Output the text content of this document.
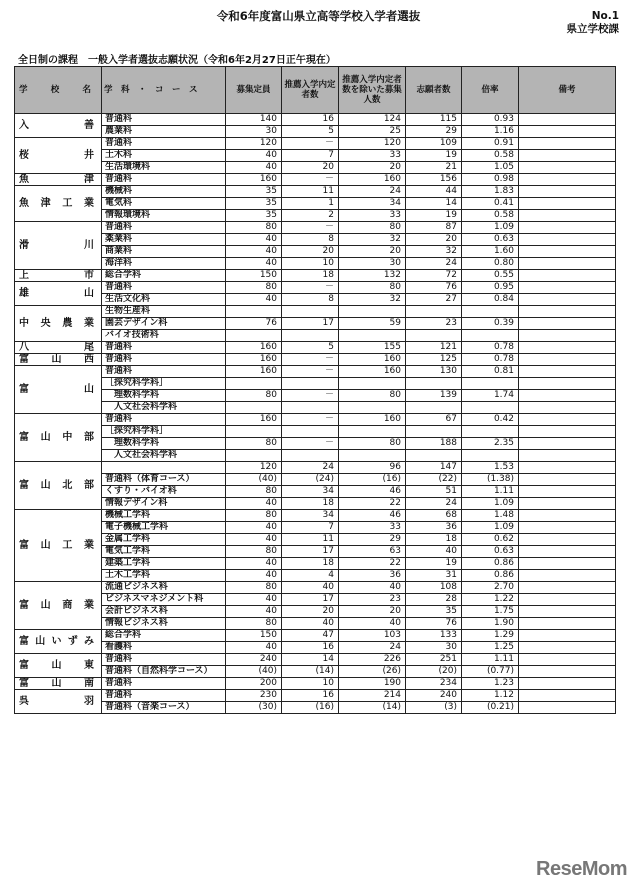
令和6年度富山県立高等学校入学者選抜	No.1
県立学校課
全日制の課程　一般入学者選抜志願状況（令和6年2月27日正午現在）
学　　校　　名	学　科　・　コ　ー　ス	募集定員	推薦入学内定者数	推薦入学内定者数を除いた募集人数	志願者数	倍率	備考
入善	普通科	140	16	124	115	0.93	
	農業科	30	5	25	29	1.16	
桜井	普通科	120	－	120	109	0.91	
	土木科	40	7	33	19	0.58	
	生活環境科	40	20	20	21	1.05	
魚津	普通科	160	－	160	156	0.98	
魚津工業	機械科	35	11	24	44	1.83	
	電気科	35	1	34	14	0.41	
	情報環境科	35	2	33	19	0.58	
滑川	普通科	80	－	80	87	1.09	
	薬業科	40	8	32	20	0.63	
	商業科	40	20	20	32	1.60	
	海洋科	40	10	30	24	0.80	
上市	総合学科	150	18	132	72	0.55	
雄山	普通科	80	－	80	76	0.95	
	生活文化科	40	8	32	27	0.84	
中央農業	生物生産科						
	園芸デザイン科	76	17	59	23	0.39	
	バイオ技術科						
八尾	普通科	160	5	155	121	0.78	
富山西	普通科	160	－	160	125	0.78	
富山	普通科	160	－	160	130	0.81	
	［探究科学科］						
	　理数科学科	80	－	80	139	1.74	
	　人文社会科学科						
富山中部	普通科	160	－	160	67	0.42	
	［探究科学科］						
	　理数科学科	80	－	80	188	2.35	
	　人文社会科学科						
富山北部		120	24	96	147	1.53	
	普通科（体育コース）	(40)	(24)	(16)	(22)	(1.38)	
	くすり・バイオ科	80	34	46	51	1.11	
	情報デザイン科	40	18	22	24	1.09	
富山工業	機械工学科	80	34	46	68	1.48	
	電子機械工学科	40	7	33	36	1.09	
	金属工学科	40	11	29	18	0.62	
	電気工学科	80	17	63	40	0.63	
	建築工学科	40	18	22	19	0.86	
	土木工学科	40	4	36	31	0.86	
富山商業	流通ビジネス科	80	40	40	108	2.70	
	ビジネスマネジメント科	40	17	23	28	1.22	
	会計ビジネス科	40	20	20	35	1.75	
	情報ビジネス科	80	40	40	76	1.90	
富山いずみ	総合学科	150	47	103	133	1.29	
	看護科	40	16	24	30	1.25	
富山東	普通科	240	14	226	251	1.11	
	普通科（自然科学コース）	(40)	(14)	(26)	(20)	(0.77)	
富山南	普通科	200	10	190	234	1.23	
呉羽	普通科	230	16	214	240	1.12	
	普通科（音楽コース）	(30)	(16)	(14)	(3)	(0.21)	
ReseMom
